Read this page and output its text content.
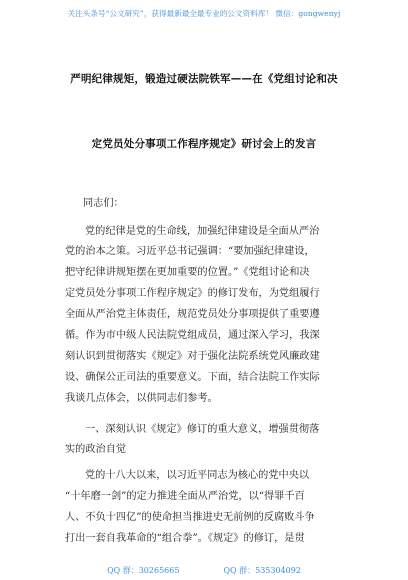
关注头条号“公文研究”，获得最新最全最专业的公文资料库！ 微信：gongwenyj
严明纪律规矩，锻造过硬法院铁军——在《党组讨论和决
定党员处分事项工作程序规定》研讨会上的发言
同志们：
党的纪律是党的生命线，加强纪律建设是全面从严治
党的治本之策。习近平总书记强调：“要加强纪律建设，
把守纪律讲规矩摆在更加重要的位置。”《党组讨论和决
定党员处分事项工作程序规定》的修订发布，为党组履行
全面从严治党主体责任，规范党员处分事项提供了重要遵
循。作为市中级人民法院党组成员，通过深入学习，我深
刻认识到贯彻落实《规定》对于强化法院系统党风廉政建
设、确保公正司法的重要意义。下面，结合法院工作实际
我谈几点体会，以供同志们参考。
一、深刻认识《规定》修订的重大意义，增强贯彻落
实的政治自觉
党的十八大以来，以习近平同志为核心的党中央以
“十年磨一剑”的定力推进全面从严治党，以“得罪千百
人、不负十四亿”的使命担当推进史无前例的反腐败斗争
打出一套自我革命的“组合拳”。《规定》的修订，是贯
QQ 群：30265665	QQ 群：535304092
